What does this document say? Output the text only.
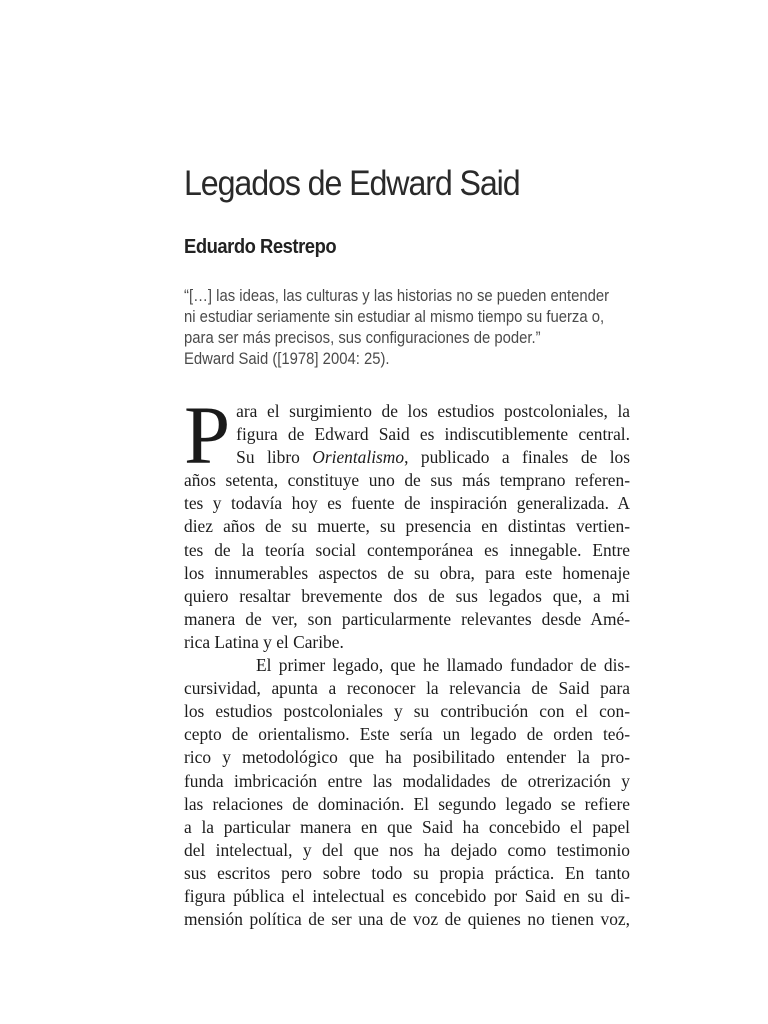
Legados de Edward Said
Eduardo Restrepo
“[…] las ideas, las culturas y las historias no se pueden entender
ni estudiar seriamente sin estudiar al mismo tiempo su fuerza o,
para ser más precisos, sus configuraciones de poder.”
Edward Said ([1978] 2004: 25).
P ara el surgimiento de los estudios postcoloniales, la
figura de Edward Said es indiscutiblemente central.
Su libro Orientalismo, publicado a finales de los
años setenta, constituye uno de sus más temprano referen-
tes y todavía hoy es fuente de inspiración generalizada. A
diez años de su muerte, su presencia en distintas vertien-
tes de la teoría social contemporánea es innegable. Entre
los innumerables aspectos de su obra, para este homenaje
quiero resaltar brevemente dos de sus legados que, a mi
manera de ver, son particularmente relevantes desde Amé-
rica Latina y el Caribe.
El primer legado, que he llamado fundador de dis-
cursividad, apunta a reconocer la relevancia de Said para
los estudios postcoloniales y su contribución con el con-
cepto de orientalismo. Este sería un legado de orden teó-
rico y metodológico que ha posibilitado entender la pro-
funda imbricación entre las modalidades de otrerización y
las relaciones de dominación. El segundo legado se refiere
a la particular manera en que Said ha concebido el papel
del intelectual, y del que nos ha dejado como testimonio
sus escritos pero sobre todo su propia práctica. En tanto
figura pública el intelectual es concebido por Said en su di-
mensión política de ser una de voz de quienes no tienen voz,
